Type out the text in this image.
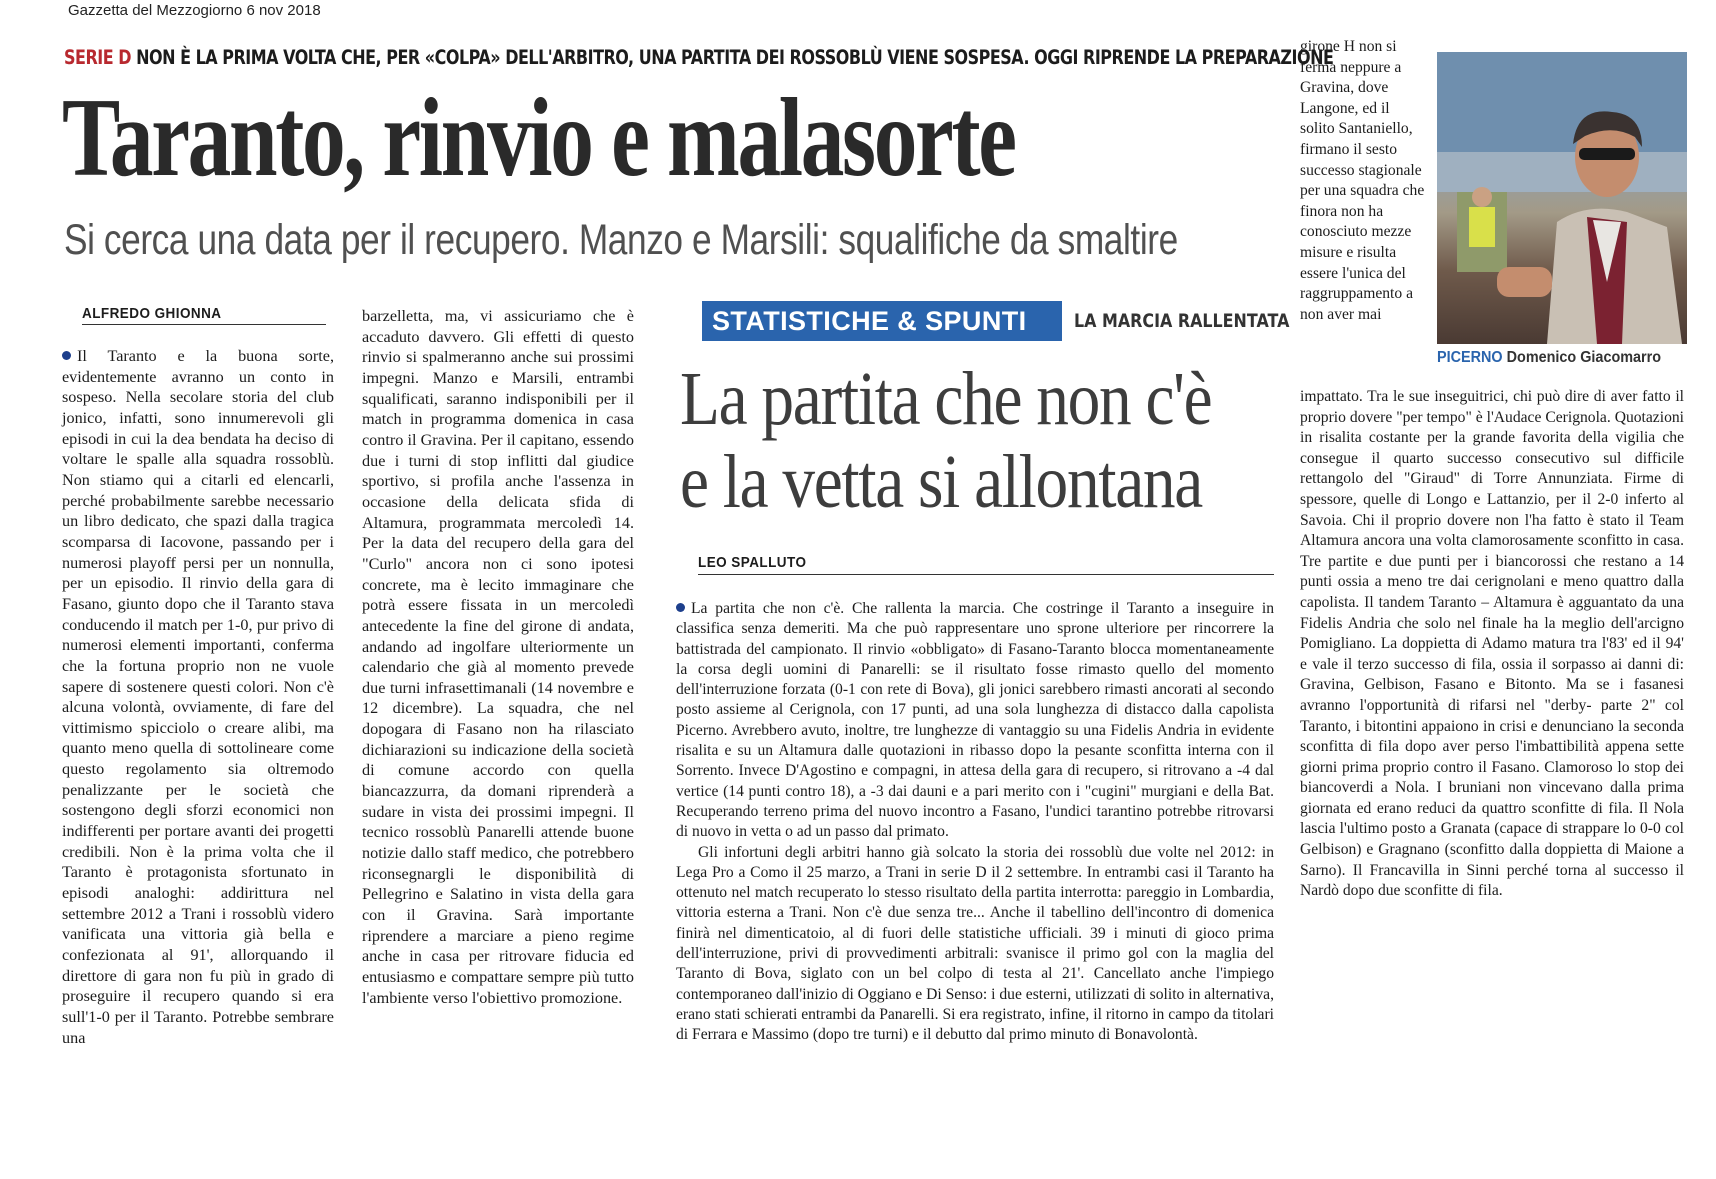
Gazzetta del Mezzogiorno 6 nov 2018
SERIE D NON È LA PRIMA VOLTA CHE, PER «COLPA» DELL'ARBITRO, UNA PARTITA DEI ROSSOBLÙ VIENE SOSPESA. OGGI RIPRENDE LA PREPARAZIONE
Taranto, rinvio e malasorte
Si cerca una data per il recupero. Manzo e Marsili: squalifiche da smaltire
ALFREDO GHIONNA

Il Taranto e la buona sorte, evidentemente avranno un conto in sospeso. Nella secolare storia del club jonico, infatti, sono innumerevoli gli episodi in cui la dea bendata ha deciso di voltare le spalle alla squadra rossoblù. Non stiamo qui a citarli ed elencarli, perché probabilmente sarebbe necessario un libro dedicato, che spazi dalla tragica scomparsa di Iacovone, passando per i numerosi playoff persi per un nonnulla, per un episodio. Il rinvio della gara di Fasano, giunto dopo che il Taranto stava conducendo il match per 1-0, pur privo di numerosi elementi importanti, conferma che la fortuna proprio non ne vuole sapere di sostenere questi colori. Non c'è alcuna volontà, ovviamente, di fare del vittimismo spicciolo o creare alibi, ma quanto meno quella di sottolineare come questo regolamento sia oltremodo penalizzante per le società che sostengono degli sforzi economici non indifferenti per portare avanti dei progetti credibili. Non è la prima volta che il Taranto è protagonista sfortunato in episodi analoghi: addirittura nel settembre 2012 a Trani i rossoblù videro vanificata una vittoria già bella e confezionata al 91', allorquando il direttore di gara non fu più in grado di proseguire il recupero quando si era sull'1-0 per il Taranto. Potrebbe sembrare una

barzelletta, ma, vi assicuriamo che è accaduto davvero. Gli effetti di questo rinvio si spalmeranno anche sui prossimi impegni. Manzo e Marsili, entrambi squalificati, saranno indisponibili per il match in programma domenica in casa contro il Gravina. Per il capitano, essendo due i turni di stop inflitti dal giudice sportivo, si profila anche l'assenza in occasione della delicata sfida di Altamura, programmata mercoledì 14. Per la data del recupero della gara del "Curlo" ancora non ci sono ipotesi concrete, ma è lecito immaginare che potrà essere fissata in un mercoledì antecedente la fine del girone di andata, andando ad ingolfare ulteriormente un calendario che già al momento prevede due turni infrasettimanali (14 novembre e 12 dicembre). La squadra, che nel dopogara di Fasano non ha rilasciato dichiarazioni su indicazione della società di comune accordo con quella biancazzurra, da domani riprenderà a sudare in vista dei prossimi impegni. Il tecnico rossoblù Panarelli attende buone notizie dallo staff medico, che potrebbero riconsegnargli le disponibilità di Pellegrino e Salatino in vista della gara con il Gravina. Sarà importante riprendere a marciare a pieno regime anche in casa per ritrovare fiducia ed entusiasmo e compattare sempre più tutto l'ambiente verso l'obiettivo promozione.

STATISTICHE & SPUNTI	LA MARCIA RALLENTATA
La partita che non c'è
e la vetta si allontana
LEO SPALLUTO

La partita che non c'è. Che rallenta la marcia. Che costringe il Taranto a inseguire in classifica senza demeriti. Ma che può rappresentare uno sprone ulteriore per rincorrere la battistrada del campionato. Il rinvio «obbligato» di Fasano-Taranto blocca momentaneamente la corsa degli uomini di Panarelli: se il risultato fosse rimasto quello del momento dell'interruzione forzata (0-1 con rete di Bova), gli jonici sarebbero rimasti ancorati al secondo posto assieme al Cerignola, con 17 punti, ad una sola lunghezza di distacco dalla capolista Picerno. Avrebbero avuto, inoltre, tre lunghezze di vantaggio su una Fidelis Andria in evidente risalita e su un Altamura dalle quotazioni in ribasso dopo la pesante sconfitta interna con il Sorrento. Invece D'Agostino e compagni, in attesa della gara di recupero, si ritrovano a -4 dal vertice (14 punti contro 18), a -3 dai dauni e a pari merito con i "cugini" murgiani e della Bat. Recuperando terreno prima del nuovo incontro a Fasano, l'undici tarantino potrebbe ritrovarsi di nuovo in vetta o ad un passo dal primato.

Gli infortuni degli arbitri hanno già solcato la storia dei rossoblù due volte nel 2012: in Lega Pro a Como il 25 marzo, a Trani in serie D il 2 settembre. In entrambi casi il Taranto ha ottenuto nel match recuperato lo stesso risultato della partita interrotta: pareggio in Lombardia, vittoria esterna a Trani. Non c'è due senza tre... Anche il tabellino dell'incontro di domenica finirà nel dimenticatoio, al di fuori delle statistiche ufficiali. 39 i minuti di gioco prima dell'interruzione, privi di provvedimenti arbitrali: svanisce il primo gol con la maglia del Taranto di Bova, siglato con un bel colpo di testa al 21'. Cancellato anche l'impiego contemporaneo dall'inizio di Oggiano e Di Senso: i due esterni, utilizzati di solito in alternativa, erano stati schierati entrambi da Panarelli. Si era registrato, infine, il ritorno in campo da titolari di Ferrara e Massimo (dopo tre turni) e il debutto dal primo minuto di Bonavolontà.

girone H non si ferma neppure a Gravina, dove Langone, ed il solito Santaniello, firmano il sesto successo stagionale per una squadra che finora non ha conosciuto mezze misure e risulta essere l'unica del raggruppamento a non aver mai

PICERNO Domenico Giacomarro

impattato. Tra le sue inseguitrici, chi può dire di aver fatto il proprio dovere "per tempo" è l'Audace Cerignola. Quotazioni in risalita costante per la grande favorita della vigilia che consegue il quarto successo consecutivo sul difficile rettangolo del "Giraud" di Torre Annunziata. Firme di spessore, quelle di Longo e Lattanzio, per il 2-0 inferto al Savoia. Chi il proprio dovere non l'ha fatto è stato il Team Altamura ancora una volta clamorosamente sconfitto in casa. Tre partite e due punti per i biancorossi che restano a 14 punti ossia a meno tre dai cerignolani e meno quattro dalla capolista. Il tandem Taranto – Altamura è agguantato da una Fidelis Andria che solo nel finale ha la meglio dell'arcigno Pomigliano. La doppietta di Adamo matura tra l'83' ed il 94' e vale il terzo successo di fila, ossia il sorpasso ai danni di: Gravina, Gelbison, Fasano e Bitonto. Ma se i fasanesi avranno l'opportunità di rifarsi nel "derby- parte 2" col Taranto, i bitontini appaiono in crisi e denunciano la seconda sconfitta di fila dopo aver perso l'imbattibilità appena sette giorni prima proprio contro il Fasano. Clamoroso lo stop dei biancoverdi a Nola. I bruniani non vincevano dalla prima giornata ed erano reduci da quattro sconfitte di fila. Il Nola lascia l'ultimo posto a Granata (capace di strappare lo 0-0 col Gelbison) e Gragnano (sconfitto dalla doppietta di Maione a Sarno). Il Francavilla in Sinni perché torna al successo il Nardò dopo due sconfitte di fila.
